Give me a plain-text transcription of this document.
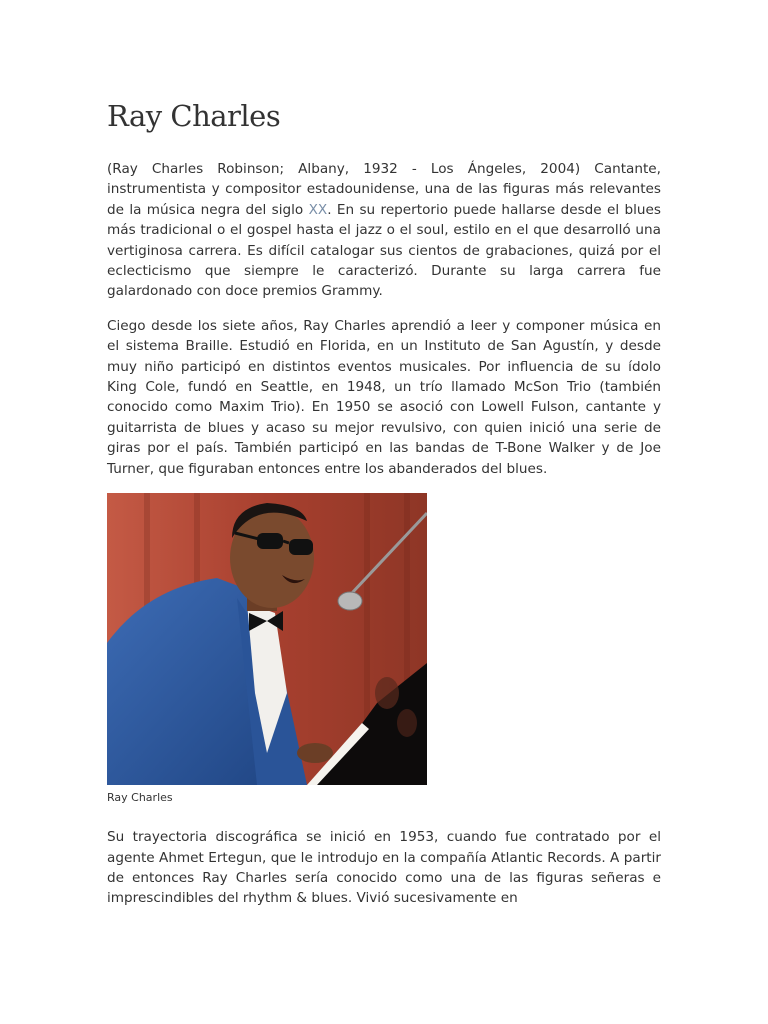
Ray Charles

(Ray Charles Robinson; Albany, 1932 - Los Ángeles, 2004) Cantante, instrumentista y compositor estadounidense, una de las figuras más relevantes de la música negra del siglo XX. En su repertorio puede hallarse desde el blues más tradicional o el gospel hasta el jazz o el soul, estilo en el que desarrolló una vertiginosa carrera. Es difícil catalogar sus cientos de grabaciones, quizá por el eclecticismo que siempre le caracterizó. Durante su larga carrera fue galardonado con doce premios Grammy.

Ciego desde los siete años, Ray Charles aprendió a leer y componer música en el sistema Braille. Estudió en Florida, en un Instituto de San Agustín, y desde muy niño participó en distintos eventos musicales. Por influencia de su ídolo King Cole, fundó en Seattle, en 1948, un trío llamado McSon Trio (también conocido como Maxim Trio). En 1950 se asoció con Lowell Fulson, cantante y guitarrista de blues y acaso su mejor revulsivo, con quien inició una serie de giras por el país. También participó en las bandas de T-Bone Walker y de Joe Turner, que figuraban entonces entre los abanderados del blues.

Ray Charles

Su trayectoria discográfica se inició en 1953, cuando fue contratado por el agente Ahmet Ertegun, que le introdujo en la compañía Atlantic Records. A partir de entonces Ray Charles sería conocido como una de las figuras señeras e imprescindibles del rhythm & blues. Vivió sucesivamente en
